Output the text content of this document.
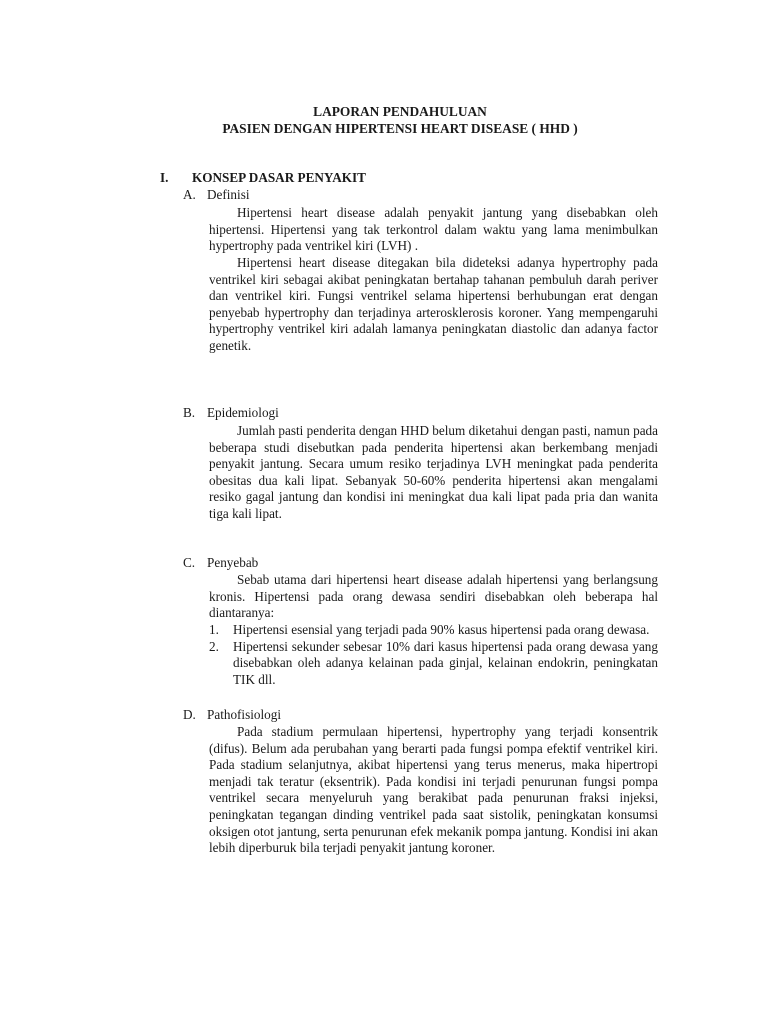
LAPORAN PENDAHULUAN
PASIEN DENGAN HIPERTENSI HEART DISEASE ( HHD )
I. KONSEP DASAR PENYAKIT
A. Definisi

Hipertensi heart disease adalah penyakit jantung yang disebabkan oleh hipertensi. Hipertensi yang tak terkontrol dalam waktu yang lama menimbulkan hypertrophy pada ventrikel kiri (LVH) .

Hipertensi heart disease ditegakan bila dideteksi adanya hypertrophy pada ventrikel kiri sebagai akibat peningkatan bertahap tahanan pembuluh darah periver dan ventrikel kiri. Fungsi ventrikel selama hipertensi berhubungan erat dengan penyebab hypertrophy dan terjadinya arterosklerosis koroner. Yang mempengaruhi hypertrophy ventrikel kiri adalah lamanya peningkatan diastolic dan adanya factor genetik.

B. Epidemiologi

Jumlah pasti penderita dengan HHD belum diketahui dengan pasti, namun pada beberapa studi disebutkan pada penderita hipertensi akan berkembang menjadi penyakit jantung. Secara umum resiko terjadinya LVH meningkat pada penderita obesitas dua kali lipat. Sebanyak 50-60% penderita hipertensi akan mengalami resiko gagal jantung dan kondisi ini meningkat dua kali lipat pada pria dan wanita tiga kali lipat.

C. Penyebab

Sebab utama dari hipertensi heart disease adalah hipertensi yang berlangsung kronis. Hipertensi pada orang dewasa sendiri disebabkan oleh beberapa hal diantaranya:

1. Hipertensi esensial yang terjadi pada 90% kasus hipertensi pada orang dewasa.
2. Hipertensi sekunder sebesar 10% dari kasus hipertensi pada orang dewasa yang disebabkan oleh adanya kelainan pada ginjal, kelainan endokrin, peningkatan TIK dll.
D. Pathofisiologi

Pada stadium permulaan hipertensi, hypertrophy yang terjadi konsentrik (difus). Belum ada perubahan yang berarti pada fungsi pompa efektif ventrikel kiri. Pada stadium selanjutnya, akibat hipertensi yang terus menerus, maka hipertropi menjadi tak teratur (eksentrik). Pada kondisi ini terjadi penurunan fungsi pompa ventrikel secara menyeluruh yang berakibat pada penurunan fraksi injeksi, peningkatan tegangan dinding ventrikel pada saat sistolik, peningkatan konsumsi oksigen otot jantung, serta penurunan efek mekanik pompa jantung. Kondisi ini akan lebih diperburuk bila terjadi penyakit jantung koroner.
